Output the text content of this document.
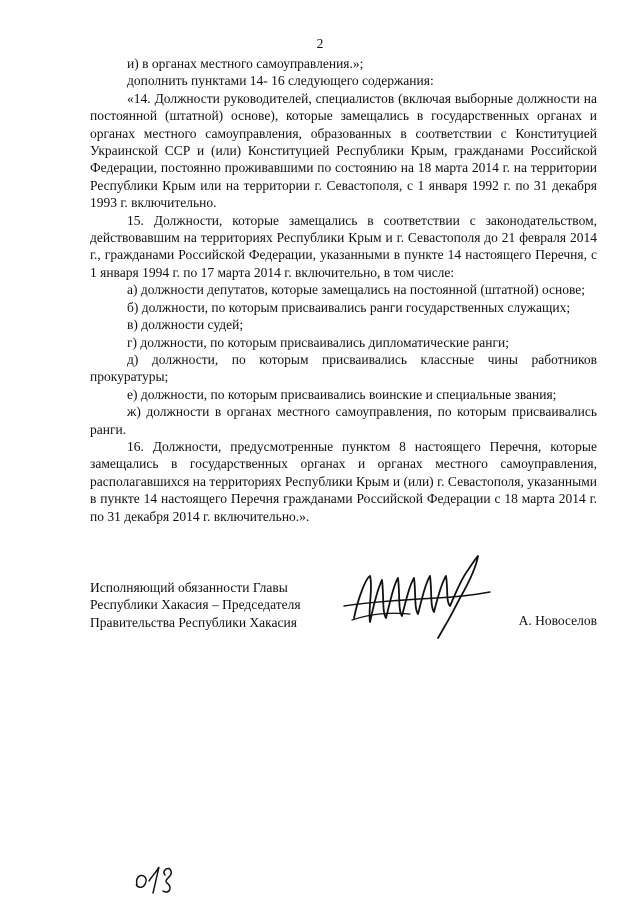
2

и) в органах местного самоуправления.»;

дополнить пунктами 14- 16 следующего содержания:

«14. Должности руководителей, специалистов (включая выборные должности на постоянной (штатной) основе), которые замещались в государственных органах и органах местного самоуправления, образованных в соответствии с Конституцией Украинской ССР и (или) Конституцией Республики Крым, гражданами Российской Федерации, постоянно проживавшими по состоянию на 18 марта 2014 г. на территории Республики Крым или на территории г. Севастополя, с 1 января 1992 г. по 31 декабря 1993 г. включительно.

15. Должности, которые замещались в соответствии с законодательством, действовавшим на территориях Республики Крым и г. Севастополя до 21 февраля 2014 г., гражданами Российской Федерации, указанными в пункте 14 настоящего Перечня, с 1 января 1994 г. по 17 марта 2014 г. включительно, в том числе:

а) должности депутатов, которые замещались на постоянной (штатной) основе;

б) должности, по которым присваивались ранги государственных служащих;

в) должности судей;

г) должности, по которым присваивались дипломатические ранги;

д) должности, по которым присваивались классные чины работников прокуратуры;

е) должности, по которым присваивались воинские и специальные звания;

ж) должности в органах местного самоуправления, по которым присваивались ранги.

16. Должности, предусмотренные пунктом 8 настоящего Перечня, которые замещались в государственных органах и органах местного самоуправления, располагавшихся на территориях Республики Крым и (или) г. Севастополя, указанными в пункте 14 настоящего Перечня гражданами Российской Федерации с 18 марта 2014 г. по 31 декабря 2014 г. включительно.».

Исполняющий обязанности Главы
Республики Хакасия – Председателя
Правительства Республики Хакасия	А. Новоселов
